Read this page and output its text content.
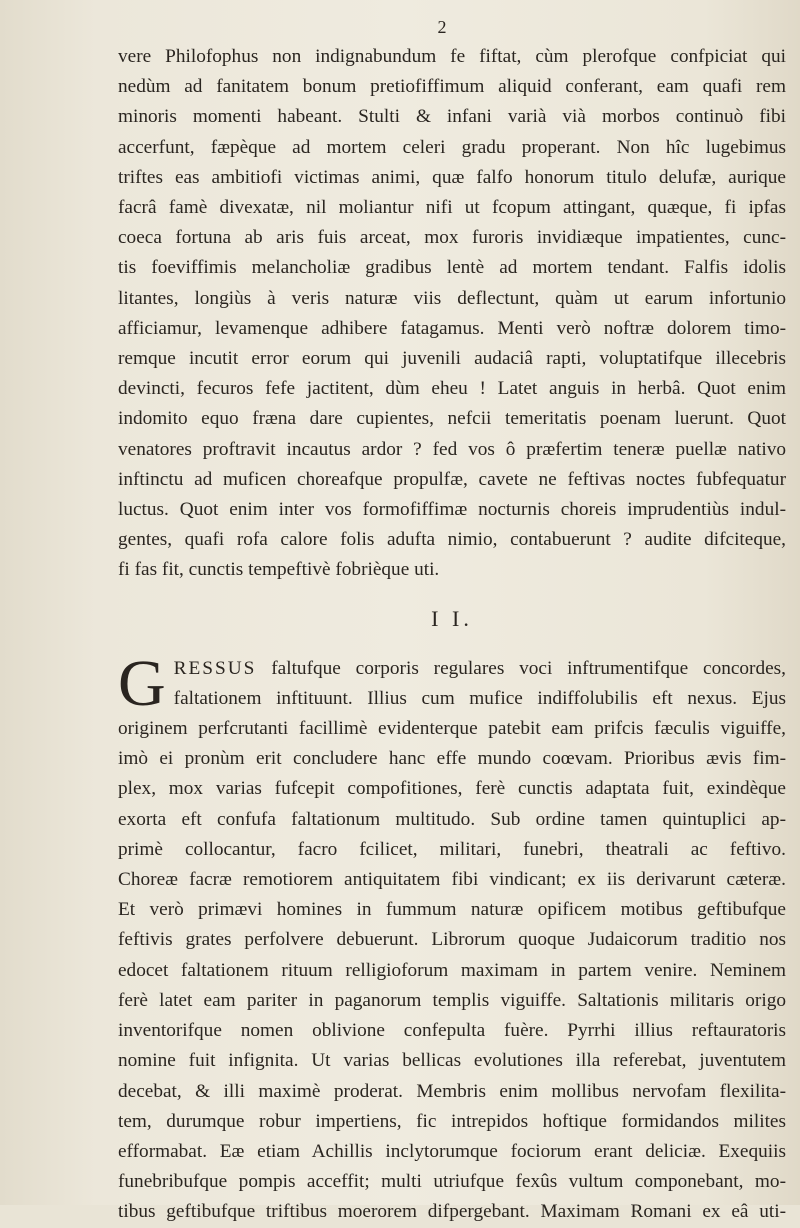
2
vere Philofophus non indignabundum fe fiftat, cùm plerofque confpiciat qui
nedùm ad fanitatem bonum pretiofiffimum aliquid conferant, eam quafi rem
minoris momenti habeant. Stulti & infani varià vià morbos continuò fibi
accerfunt, fæpèque ad mortem celeri gradu properant. Non hîc lugebimus
triftes eas ambitiofi victimas animi, quæ falfo honorum titulo delufæ, aurique
facrâ famè divexatæ, nil moliantur nifi ut fcopum attingant, quæque, fi ipfas
coeca fortuna ab aris fuis arceat, mox furoris invidiæque impatientes, cunc-
tis foeviffimis melancholiæ gradibus lentè ad mortem tendant. Falfis idolis
litantes, longiùs à veris naturæ viis deflectunt, quàm ut earum infortunio
afficiamur, levamenque adhibere fatagamus. Menti verò noftræ dolorem timo-
remque incutit error eorum qui juvenili audaciâ rapti, voluptatifque illecebris
devincti, fecuros fefe jactitent, dùm eheu ! Latet anguis in herbâ. Quot enim
indomito equo fræna dare cupientes, nefcii temeritatis poenam luerunt. Quot
venatores proftravit incautus ardor ? fed vos ô præfertim teneræ puellæ nativo
inftinctu ad muficen choreafque propulfæ, cavete ne feftivas noctes fubfequatur
luctus. Quot enim inter vos formofiffimæ nocturnis choreis imprudentiùs indul-
gentes, quafi rofa calore folis adufta nimio, contabuerunt ? audite difciteque,
fi fas fit, cunctis tempeftivè fobrièque uti.
I I.
G RESSUS faltufque corporis regulares voci inftrumentifque concordes,
faltationem inftituunt. Illius cum mufice indiffolubilis eft nexus. Ejus
originem perfcrutanti facillimè evidenterque patebit eam prifcis fæculis viguiffe,
imò ei pronùm erit concludere hanc effe mundo coœvam. Prioribus ævis fim-
plex, mox varias fufcepit compofitiones, ferè cunctis adaptata fuit, exindèque
exorta eft confufa faltationum multitudo. Sub ordine tamen quintuplici ap-
primè collocantur, facro fcilicet, militari, funebri, theatrali ac feftivo.
Choreæ facræ remotiorem antiquitatem fibi vindicant; ex iis derivarunt cæteræ.
Et verò primævi homines in fummum naturæ opificem motibus geftibufque
feftivis grates perfolvere debuerunt. Librorum quoque Judaicorum traditio nos
edocet faltationem rituum relligioforum maximam in partem venire. Neminem
ferè latet eam pariter in paganorum templis viguiffe. Saltationis militaris origo
inventorifque nomen oblivione confepulta fuère. Pyrrhi illius reftauratoris
nomine fuit infignita. Ut varias bellicas evolutiones illa referebat, juventutem
decebat, & illi maximè proderat. Membris enim mollibus nervofam flexilita-
tem, durumque robur impertiens, fic intrepidos hoftique formidandos milites
efformabat. Eæ etiam Achillis inclytorumque fociorum erant deliciæ. Exequiis
funebribufque pompis acceffit; multi utriufque fexûs vultum componebant, mo-
tibus geftibufque triftibus moerorem difpergebant. Maximam Romani ex eâ uti-
